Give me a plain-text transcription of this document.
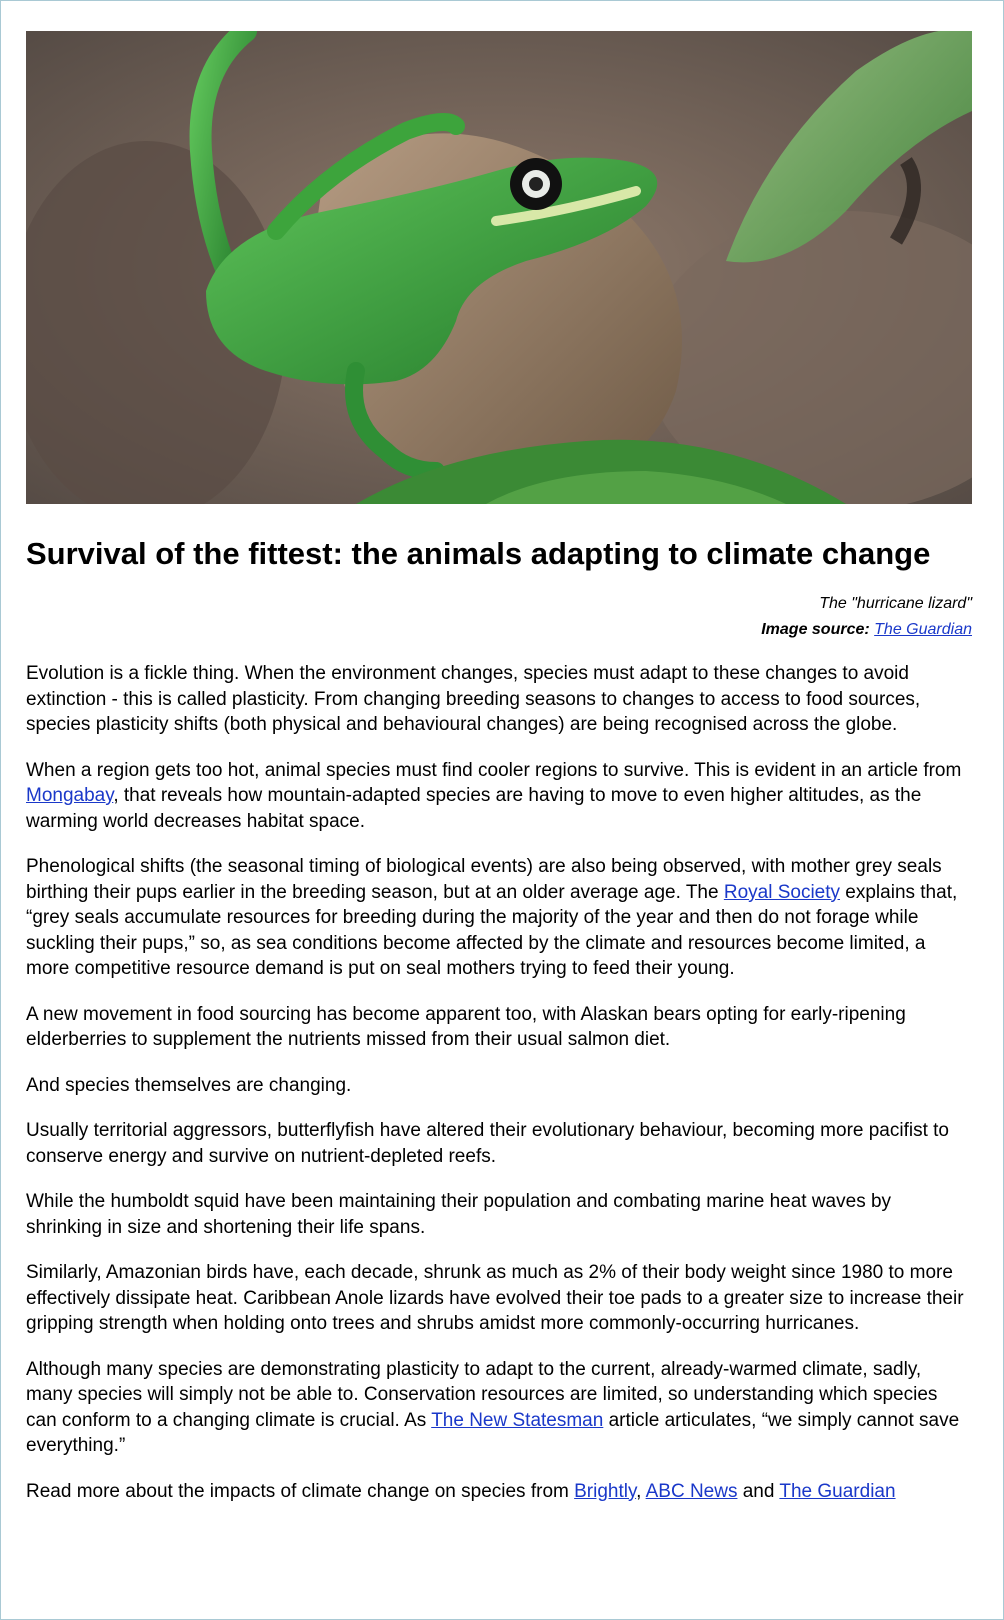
Survival of the fittest: the animals adapting to climate change
The "hurricane lizard"
Image source: The Guardian

Evolution is a fickle thing. When the environment changes, species must adapt to these changes to avoid extinction - this is called plasticity. From changing breeding seasons to changes to access to food sources, species plasticity shifts (both physical and behavioural changes) are being recognised across the globe.

When a region gets too hot, animal species must find cooler regions to survive. This is evident in an article from Mongabay, that reveals how mountain-adapted species are having to move to even higher altitudes, as the warming world decreases habitat space.

Phenological shifts (the seasonal timing of biological events) are also being observed, with mother grey seals birthing their pups earlier in the breeding season, but at an older average age. The Royal Society explains that, “grey seals accumulate resources for breeding during the majority of the year and then do not forage while suckling their pups,” so, as sea conditions become affected by the climate and resources become limited, a more competitive resource demand is put on seal mothers trying to feed their young.

A new movement in food sourcing has become apparent too, with Alaskan bears opting for early-ripening elderberries to supplement the nutrients missed from their usual salmon diet.

And species themselves are changing.

Usually territorial aggressors, butterflyfish have altered their evolutionary behaviour, becoming more pacifist to conserve energy and survive on nutrient-depleted reefs.

While the humboldt squid have been maintaining their population and combating marine heat waves by shrinking in size and shortening their life spans.

Similarly, Amazonian birds have, each decade, shrunk as much as 2% of their body weight since 1980 to more effectively dissipate heat. Caribbean Anole lizards have evolved their toe pads to a greater size to increase their gripping strength when holding onto trees and shrubs amidst more commonly-occurring hurricanes.

Although many species are demonstrating plasticity to adapt to the current, already-warmed climate, sadly, many species will simply not be able to. Conservation resources are limited, so understanding which species can conform to a changing climate is crucial. As The New Statesman article articulates, “we simply cannot save everything.”

Read more about the impacts of climate change on species from Brightly, ABC News and The Guardian
